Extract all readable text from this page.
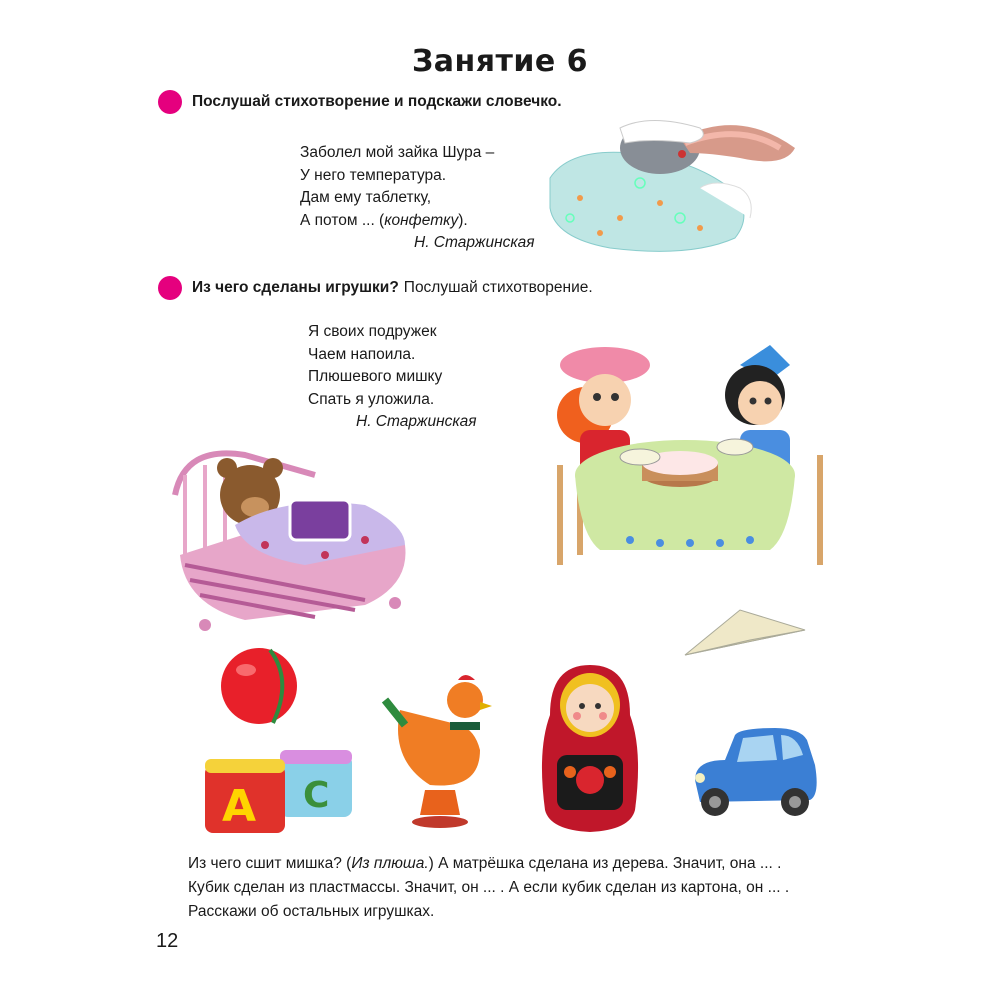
Занятие 6
Послушай стихотворение и подскажи словечко.
Заболел мой зайка Шура –
У него температура.
Дам ему таблетку,
А потом ... (конфетку).
Н. Старжинская
Из чего сделаны игрушки? Послушай стихотворение.
Я своих подружек
Чаем напоила.
Плюшевого мишку
Спать я уложила.
Н. Старжинская
A C
Из чего сшит мишка? (Из плюша.) А матрёшка сделана из дерева. Значит, она ... .
Кубик сделан из пластмассы. Значит, он ... . А если кубик сделан из картона, он ... .
Расскажи об остальных игрушках.
12
